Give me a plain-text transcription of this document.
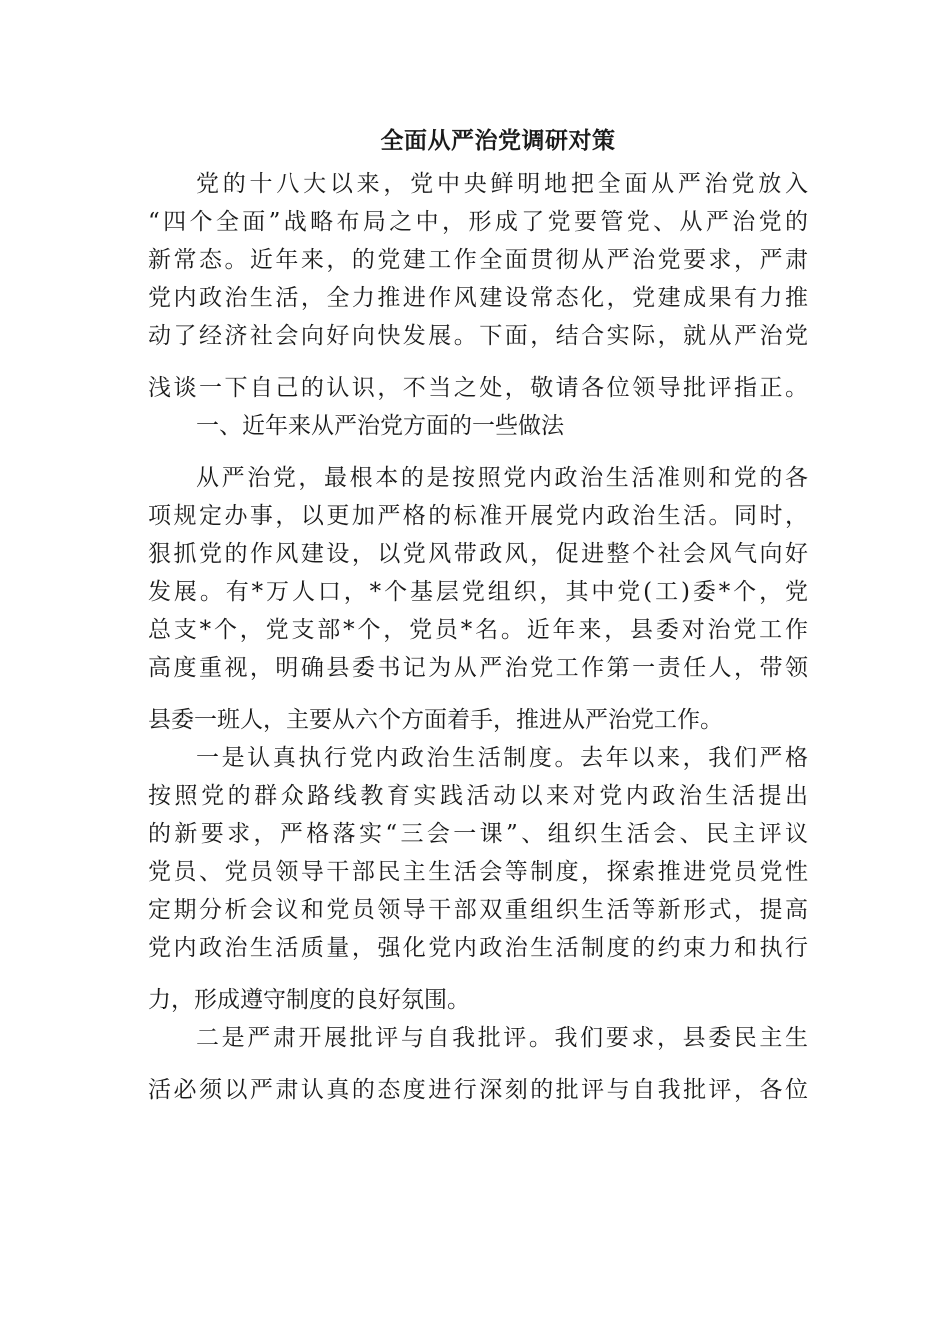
全面从严治党调研对策
党的十八大以来，党中央鲜明地把全面从严治党放入
“四个全面”战略布局之中，形成了党要管党、从严治党的
新常态。近年来，的党建工作全面贯彻从严治党要求，严肃
党内政治生活，全力推进作风建设常态化，党建成果有力推
动了经济社会向好向快发展。下面，结合实际，就从严治党
浅谈一下自己的认识，不当之处，敬请各位领导批评指正。
一、近年来从严治党方面的一些做法
从严治党，最根本的是按照党内政治生活准则和党的各
项规定办事，以更加严格的标准开展党内政治生活。同时，
狠抓党的作风建设，以党风带政风，促进整个社会风气向好
发展。有*万人口，*个基层党组织，其中党(工)委*个，党
总支*个，党支部*个，党员*名。近年来，县委对治党工作
高度重视，明确县委书记为从严治党工作第一责任人，带领
县委一班人，主要从六个方面着手，推进从严治党工作。
一是认真执行党内政治生活制度。去年以来，我们严格
按照党的群众路线教育实践活动以来对党内政治生活提出
的新要求，严格落实“三会一课”、组织生活会、民主评议
党员、党员领导干部民主生活会等制度，探索推进党员党性
定期分析会议和党员领导干部双重组织生活等新形式，提高
党内政治生活质量，强化党内政治生活制度的约束力和执行
力，形成遵守制度的良好氛围。
二是严肃开展批评与自我批评。我们要求，县委民主生
活必须以严肃认真的态度进行深刻的批评与自我批评，各位
